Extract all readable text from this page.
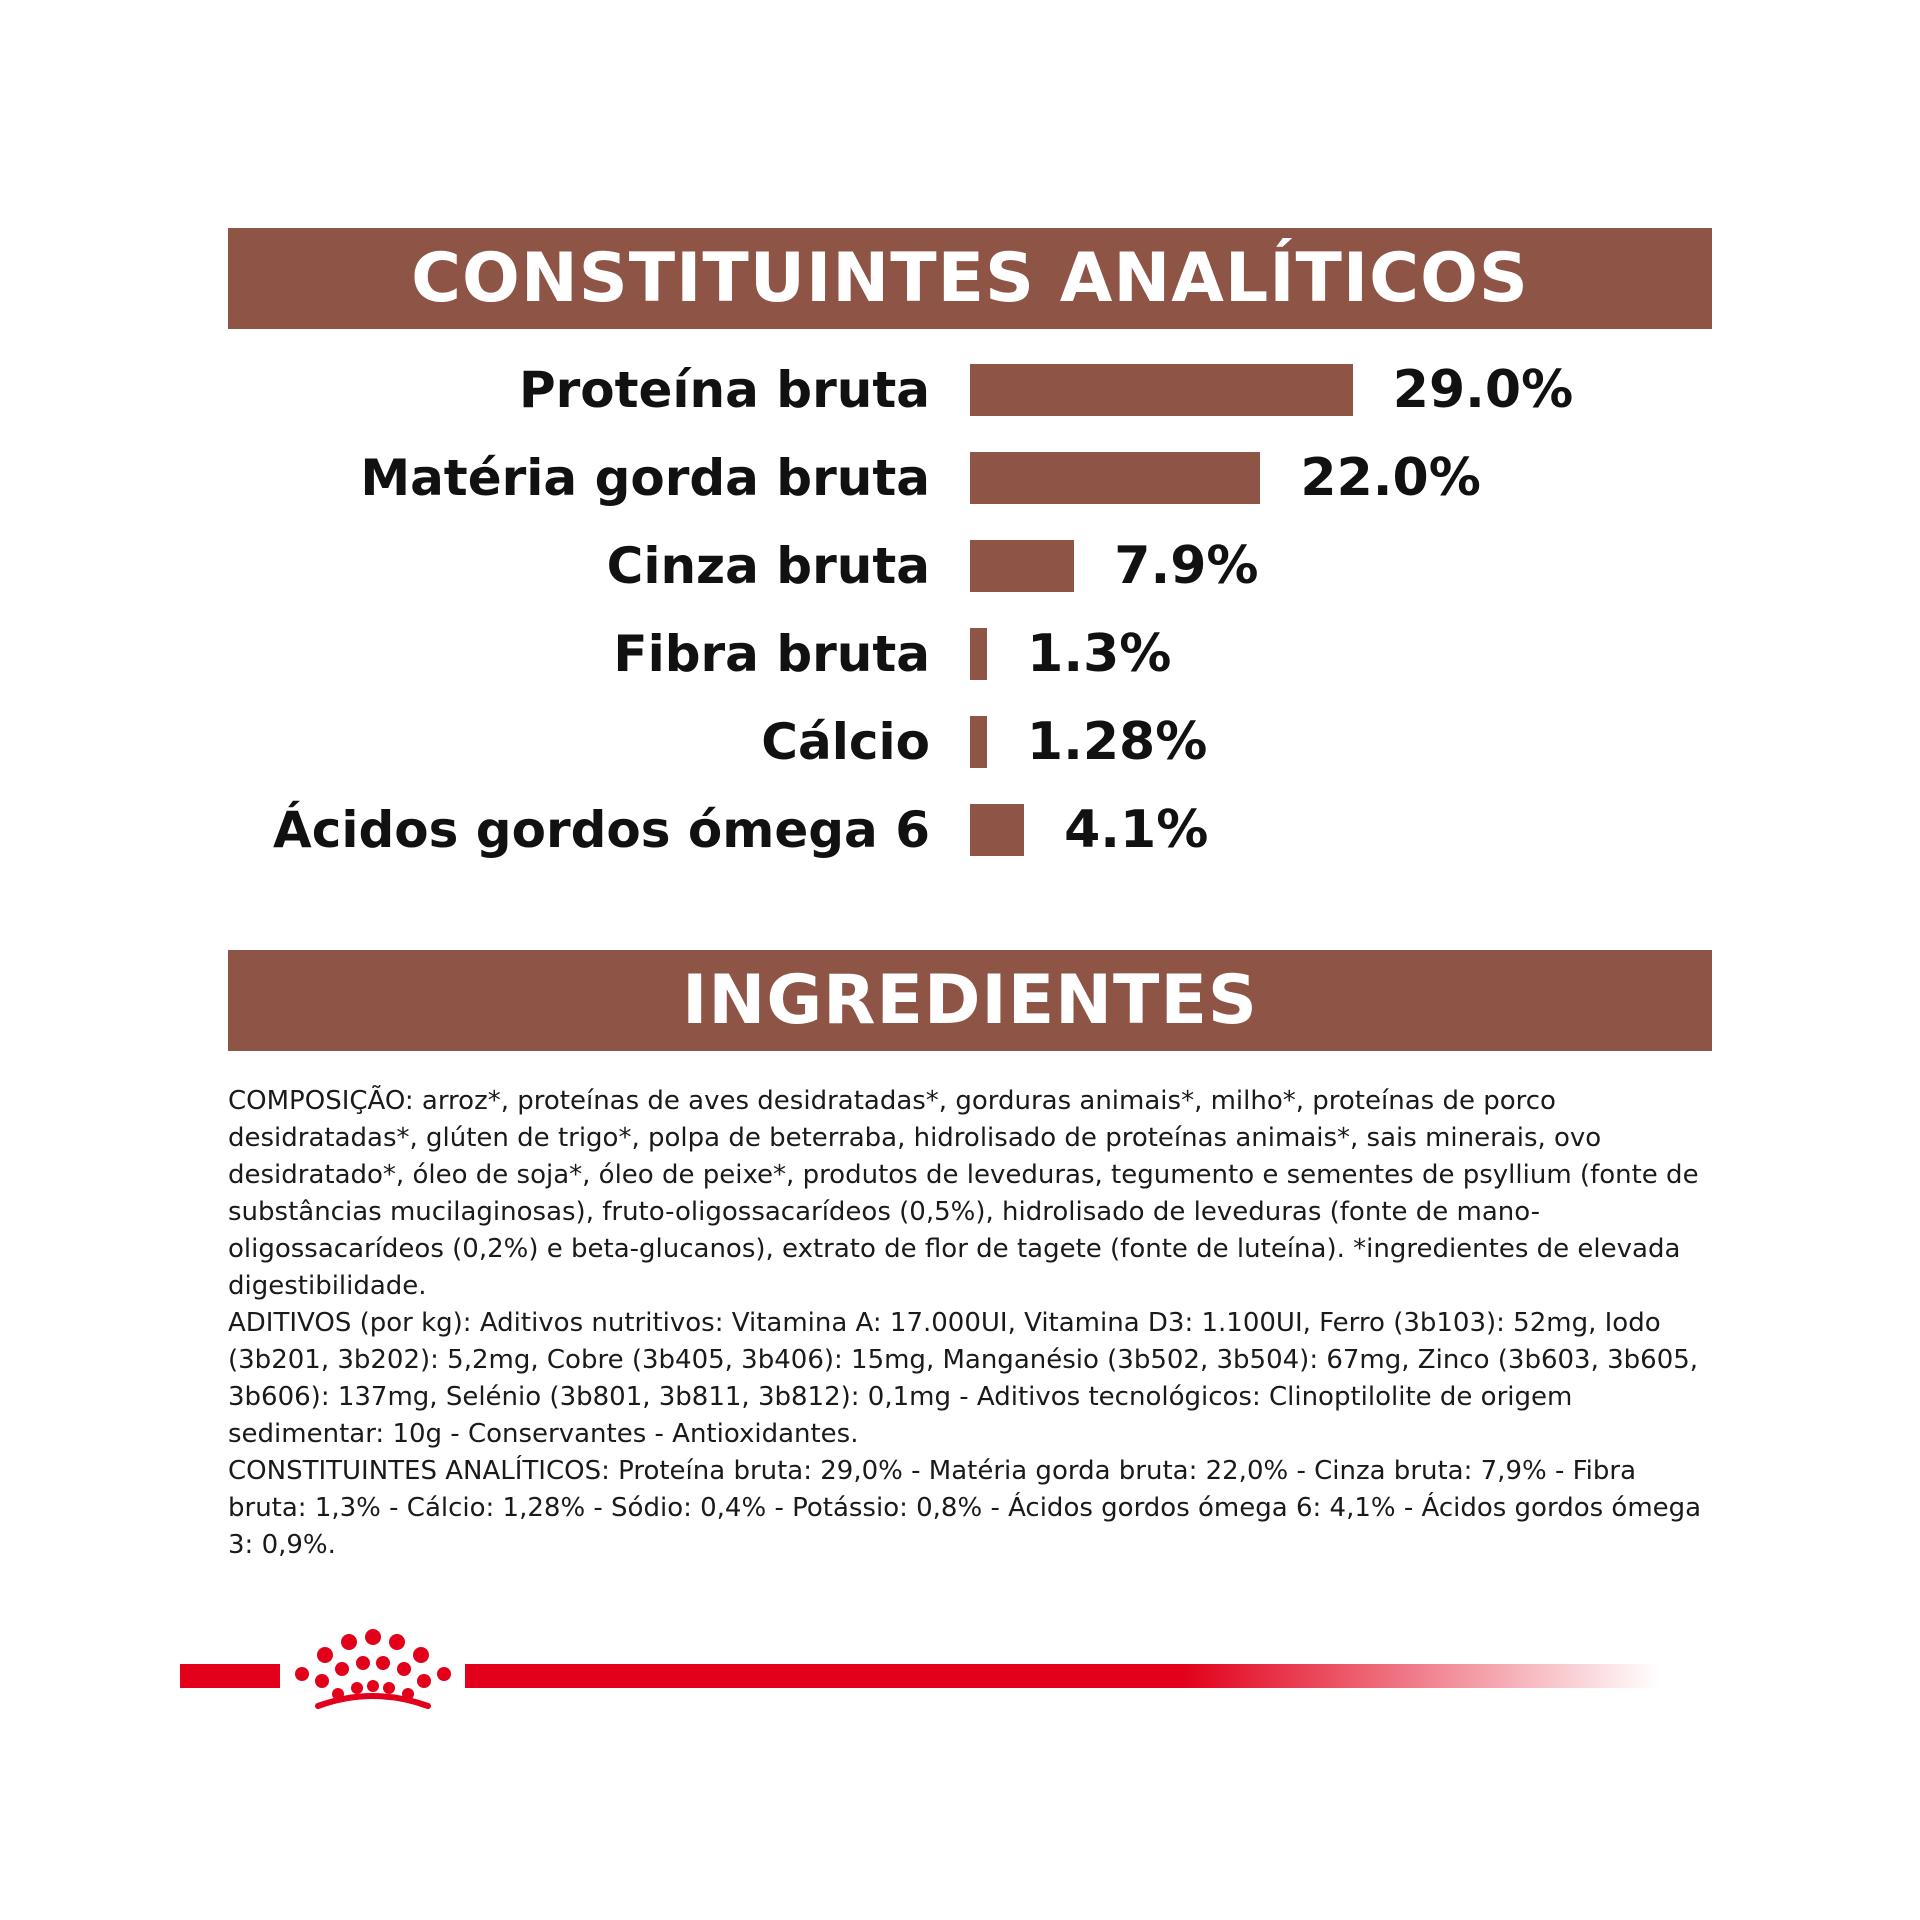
CONSTITUINTES ANALÍTICOS
Proteína bruta	29.0%
Matéria gorda bruta	22.0%
Cinza bruta	7.9%
Fibra bruta 1.3%
Cálcio 1.28%
Ácidos gordos ómega 6	4.1%
INGREDIENTES

COMPOSIÇÃO: arroz*, proteínas de aves desidratadas*, gorduras animais*, milho*, proteínas de porco desidratadas*, glúten de trigo*, polpa de beterraba, hidrolisado de proteínas animais*, sais minerais, ovo desidratado*, óleo de soja*, óleo de peixe*, produtos de leveduras, tegumento e sementes de psyllium (fonte de substâncias mucilaginosas), fruto-oligossacarídeos (0,5%), hidrolisado de leveduras (fonte de mano-oligossacarídeos (0,2%) e beta-glucanos), extrato de flor de tagete (fonte de luteína). *ingredientes de elevada digestibilidade.

ADITIVOS (por kg): Aditivos nutritivos: Vitamina A: 17.000UI, Vitamina D3: 1.100UI, Ferro (3b103): 52mg, Iodo (3b201, 3b202): 5,2mg, Cobre (3b405, 3b406): 15mg, Manganésio (3b502, 3b504): 67mg, Zinco (3b603, 3b605, 3b606): 137mg, Selénio (3b801, 3b811, 3b812): 0,1mg - Aditivos tecnológicos: Clinoptilolite de origem sedimentar: 10g - Conservantes - Antioxidantes.

CONSTITUINTES ANALÍTICOS: Proteína bruta: 29,0% - Matéria gorda bruta: 22,0% - Cinza bruta: 7,9% - Fibra bruta: 1,3% - Cálcio: 1,28% - Sódio: 0,4% - Potássio: 0,8% - Ácidos gordos ómega 6: 4,1% - Ácidos gordos ómega 3: 0,9%.
